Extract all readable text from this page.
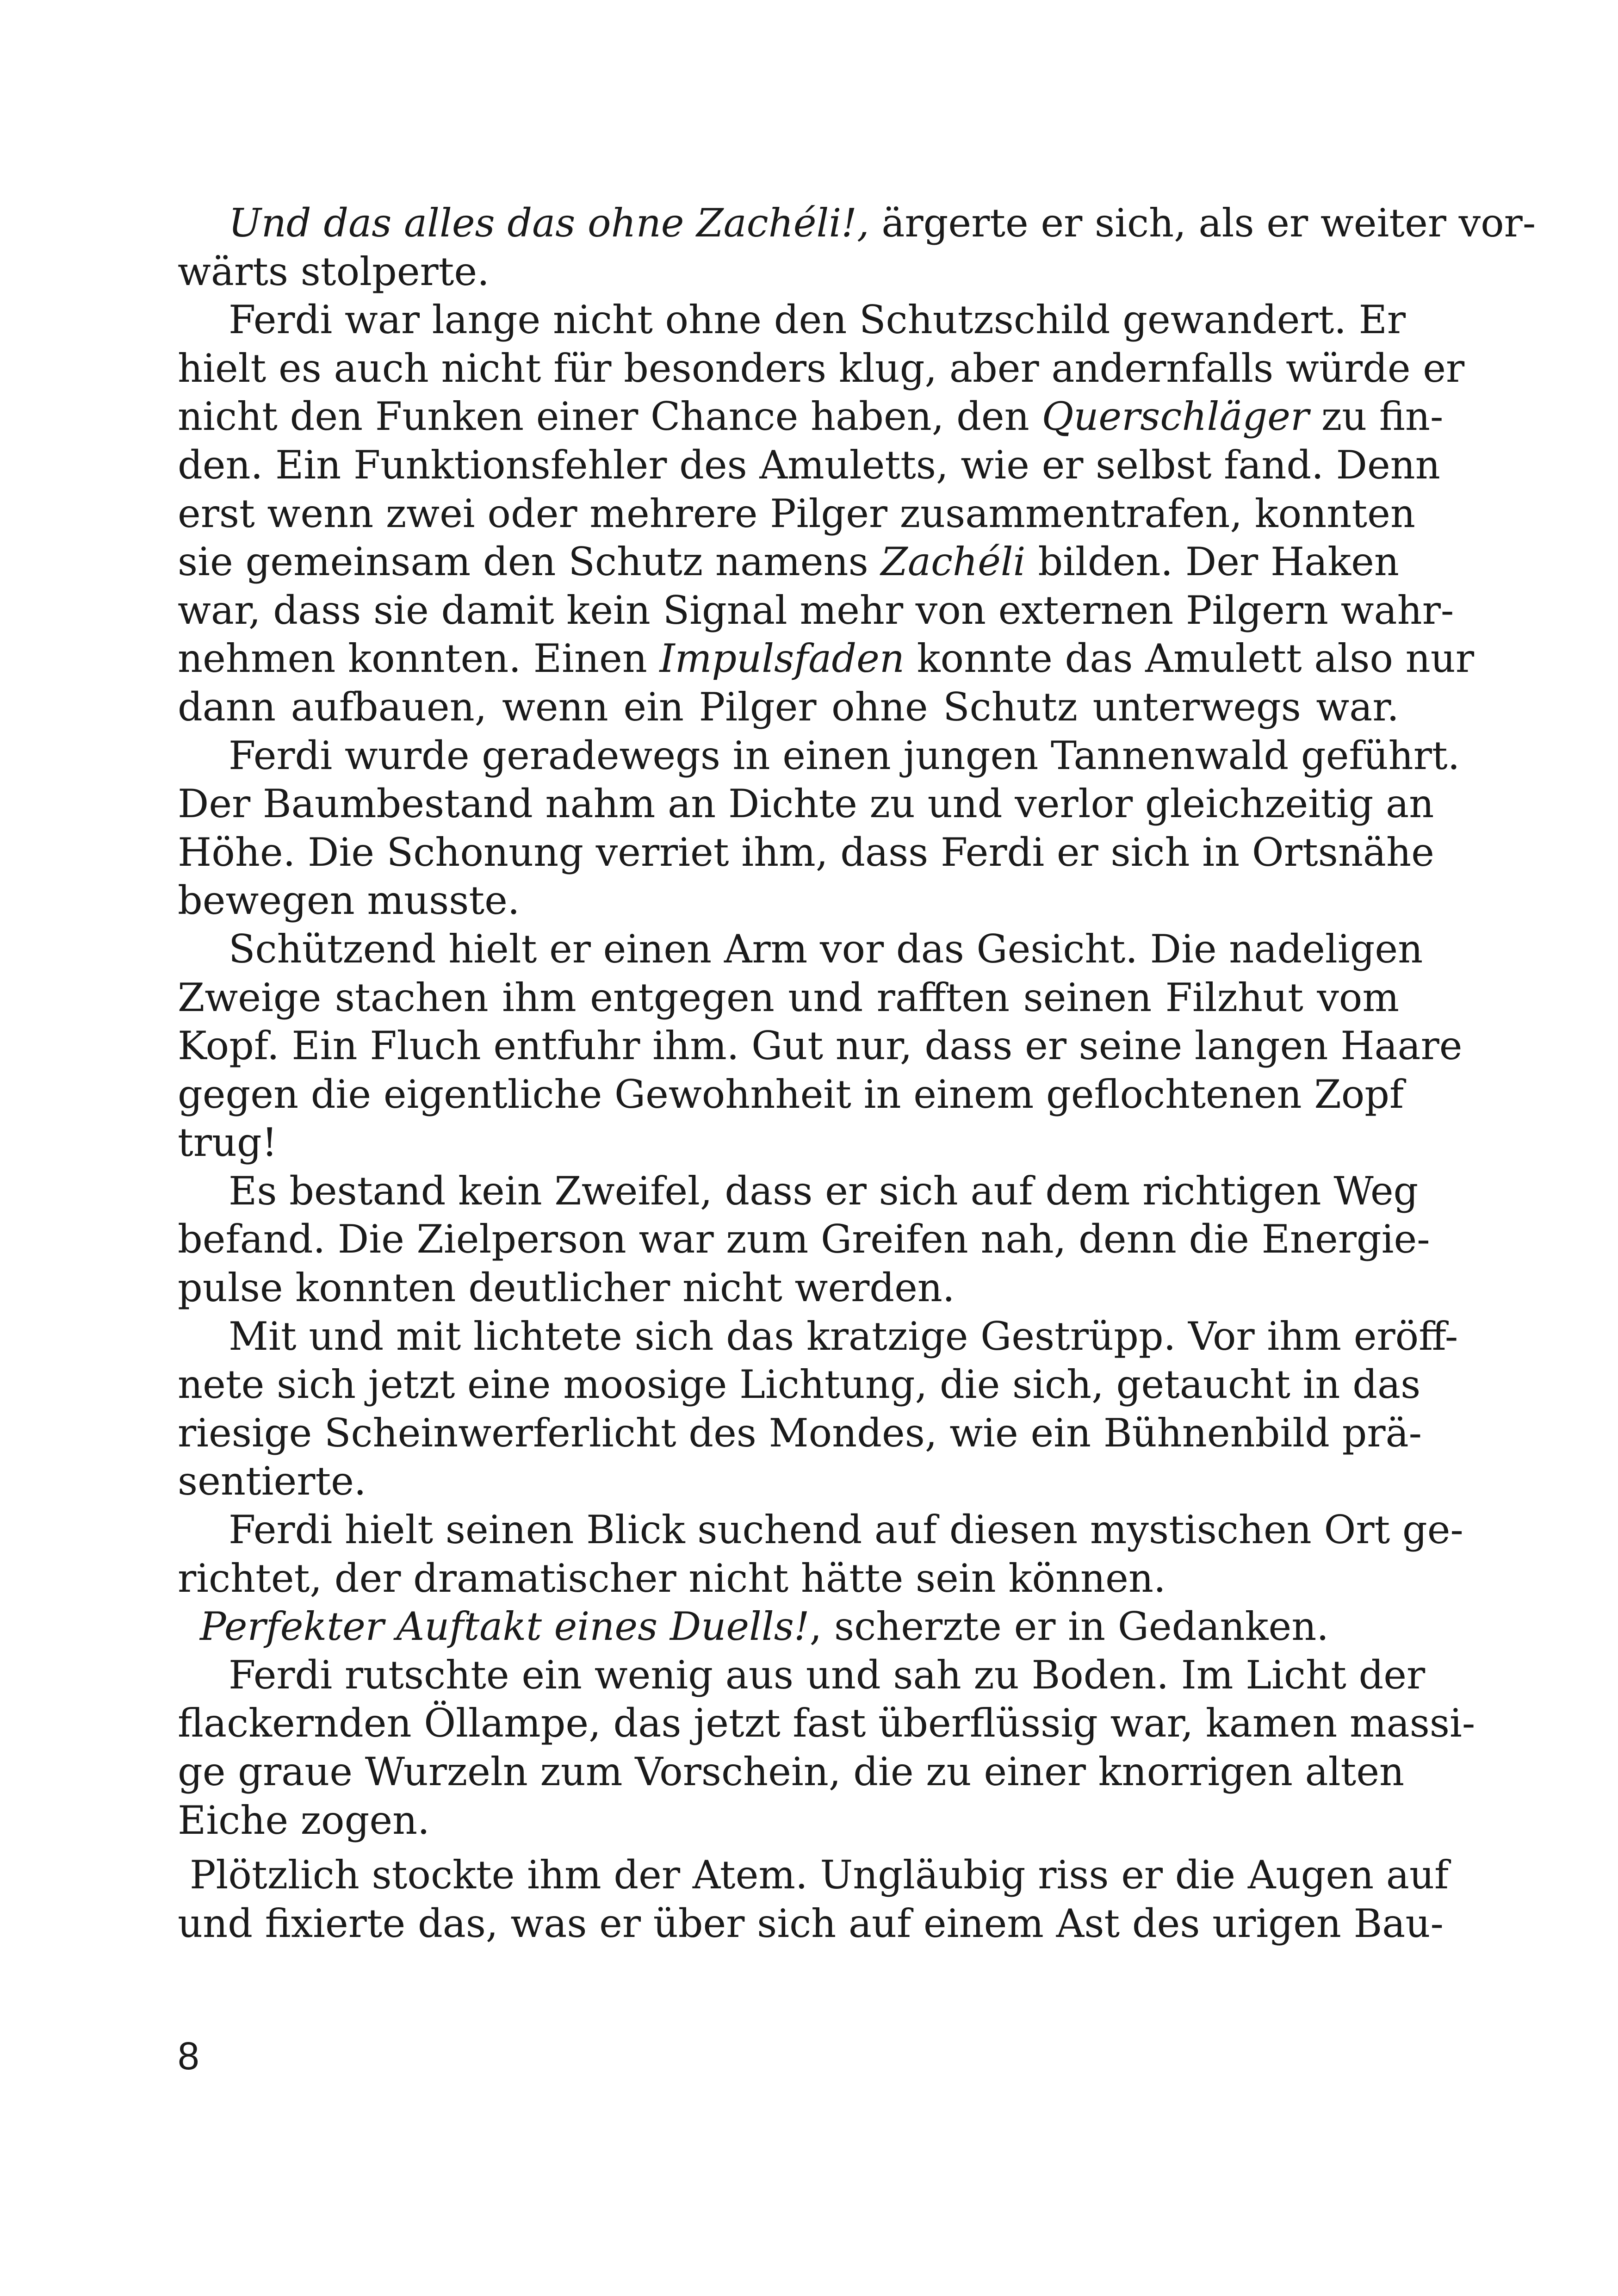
Und das alles das ohne Zachéli!, ärgerte er sich, als er weiter vor-
wärts stolperte.
Ferdi war lange nicht ohne den Schutzschild gewandert. Er
hielt es auch nicht für besonders klug, aber andernfalls würde er
nicht den Funken einer Chance haben, den Querschläger zu fin-
den. Ein Funktionsfehler des Amuletts, wie er selbst fand. Denn
erst wenn zwei oder mehrere Pilger zusammentrafen, konnten
sie gemeinsam den Schutz namens Zachéli bilden. Der Haken
war, dass sie damit kein Signal mehr von externen Pilgern wahr-
nehmen konnten. Einen Impulsfaden konnte das Amulett also nur
dann aufbauen, wenn ein Pilger ohne Schutz unterwegs war.
Ferdi wurde geradewegs in einen jungen Tannenwald geführt.
Der Baumbestand nahm an Dichte zu und verlor gleichzeitig an
Höhe. Die Schonung verriet ihm, dass Ferdi er sich in Ortsnähe
bewegen musste.
Schützend hielt er einen Arm vor das Gesicht. Die nadeligen
Zweige stachen ihm entgegen und rafften seinen Filzhut vom
Kopf. Ein Fluch entfuhr ihm. Gut nur, dass er seine langen Haare
gegen die eigentliche Gewohnheit in einem geflochtenen Zopf
trug!
Es bestand kein Zweifel, dass er sich auf dem richtigen Weg
befand. Die Zielperson war zum Greifen nah, denn die Energie-
pulse konnten deutlicher nicht werden.
Mit und mit lichtete sich das kratzige Gestrüpp. Vor ihm eröff-
nete sich jetzt eine moosige Lichtung, die sich, getaucht in das
riesige Scheinwerferlicht des Mondes, wie ein Bühnenbild prä-
sentierte.
Ferdi hielt seinen Blick suchend auf diesen mystischen Ort ge-
richtet, der dramatischer nicht hätte sein können.
Perfekter Auftakt eines Duells!, scherzte er in Gedanken.
Ferdi rutschte ein wenig aus und sah zu Boden. Im Licht der
flackernden Öllampe, das jetzt fast überflüssig war, kamen massi-
ge graue Wurzeln zum Vorschein, die zu einer knorrigen alten
Eiche zogen.
Plötzlich stockte ihm der Atem. Ungläubig riss er die Augen auf
und fixierte das, was er über sich auf einem Ast des urigen Bau-
8
